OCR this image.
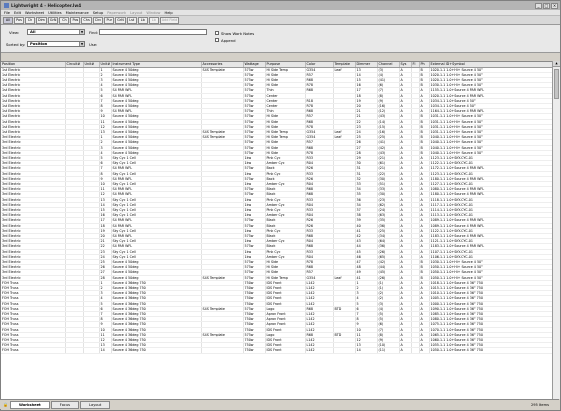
Lightwright 4 - Helicopter.lw4	_	□	×
File Edit Worksheet Utilities Maintenance Setup Paperwork Layout Window Help
All	Pos	Ch	Dim	GrN	Ch	Pos	Chs	Circ	Pur	GrN	Lst	Lb	Lb	Add Field
View:	All	▼ Find:
Sorted by:	Position	▼ Use:
Show Work Notes
Append
Position	Circuit#	Unit#	Unit#	Instrument Type	Accessories	Wattage	Purpose	Color	Template	Dimmer	Channel	Sys	Fl	Ph	External ID+Symbol
1st Electric			1	Source 4 50deg	S4S Template	575w	Hi Side Temp	G354	Leaf	13	(3)	A		B	1020.1.1 1.0+Hi+ Source 4 50°
1st Electric			2	Source 4 50deg		575w	Hi Side	R57		14	(4)	A		B	1020.1.1 1.0+Hi+ Source 4 50°
1st Electric			3	Source 4 50deg		575w	Hi Side	R68		15	(41)	A		B	1020.1.1 1.0+Hi+ Source 4 50°
1st Electric			4	Source 4 50deg		575w	Hi Side	R78		16	(6)	A		B	1030.1.1 1.0+Hi+ Source 4 50°
1st Electric			5	S4 PAR WFL		575w	Thin	R68		17	(7)	A		A	1155.1.1 1.0+Source 4 PAR WFL
1st Electric			6	S4 PAR WFL		575w	Center			18	(8)	A		A	1020.1.1 1.0+Source 4 PAR WFL
1st Electric			7	Source 4 50deg		575w	Center	R18		19	(9)	A		A	1034.1.1 1.0+Source 4 50°
1st Electric			8	Source 4 50deg		575w	Center	R78		20	(16)	A		A	1034.1.1 1.0+Source 4 50°
1st Electric			9	S4 PAR WFL		575w	Thin	R68		21	(12)	A		A	1164.1.1 1.0+Source 4 PAR WFL
1st Electric			10	Source 4 50deg		575w	Hi Side	R57		21	(43)	A		B	1031.1.1 1.0+Hi+ Source 4 50°
1st Electric			11	Source 4 50deg		575w	Hi Side	R68		22	(14)	A		B	1031.1.1 1.0+Hi+ Source 4 50°
1st Electric			12	Source 4 50deg		575w	Hi Side	R78		23	(15)	A		B	1031.1.1 1.0+Hi+ Source 4 50°
1st Electric			13	Source 4 50deg	S4S Template	575w	Hi Side Temp	G354	Leaf	24	(16)	A		B	1031.1.1 1.0+Hi+ Source 4 50°
3rd Electric			1	Source 4 50deg	S4S Template	575w	Hi Side Temp	G354	Leaf	25	(25)	A		B	1040.1.1 1.0+Hi+ Source 4 50°
3rd Electric			2	Source 4 50deg		575w	Hi Side	R57		26	(41)	A		B	1040.1.1 1.0+Hi+ Source 4 50°
3rd Electric			3	Source 4 50deg		575w	Hi Side	R68		27	(42)	A		B	1040.1.1 1.0+Hi+ Source 4 50°
3rd Electric			4	Source 4 50deg		575w	Hi Side	R78		28	(43)	A		B	1040.1.1 1.0+Hi+ Source 4 50°
3rd Electric			5	Sky Cyc 1 Cell		1kw	Pink Cyc	R33		29	(21)	A		A	1123.1.1 1.0+SKY-CYC-01
3rd Electric			6	Sky Cyc 1 Cell		1kw	Amber Cyc	R04		30	(61)	A		A	1122.1.1 1.0+SKY-CYC-01
3rd Electric			7	S4 PAR WFL		575w	Back	R26		31	(21)	A		A	1172.1.1 1.0+Source 4 PAR WFL
3rd Electric			8	Sky Cyc 1 Cell		1kw	Pink Cyc	R33		31	(22)	A		A	1123.1.1 1.0+SKY-CYC-01
3rd Electric			9	S4 PAR WFL		575w	Back	R26		32	(30)	A		A	1180.1.1 1.0+Source 4 PAR WFL
3rd Electric			10	Sky Cyc 1 Cell		1kw	Amber Cyc	R04		33	(51)	A		A	1127.1.1 1.0+SKY-CYC-01
3rd Electric			11	S4 PAR WFL		575w	Black	R68		34	(33)	A		A	1080.1.1 1.0+Source 4 PAR WFL
3rd Electric			12	S4 PAR WFL		575w	Black	R68		35	(30)	A		A	1180.1.1 1.0+Source 4 PAR WFL
3rd Electric			13	Sky Cyc 1 Cell		1kw	Pink Cyc	R33		36	(23)	A		A	1118.1.1 1.0+SKY-CYC-01
3rd Electric			14	Sky Cyc 1 Cell		1kw	Amber Cyc	R04		34	(62)	A		A	1117.1.1 1.0+SKY-CYC-01
3rd Electric			15	Sky Cyc 1 Cell		1kw	Pink Cyc	R33		37	(24)	A		A	1114.1.1 1.0+SKY-CYC-01
3rd Electric			16	Sky Cyc 1 Cell		1kw	Amber Cyc	R04		38	(63)	A		A	1113.1.1 1.0+SKY-CYC-01
3rd Electric			17	S4 PAR WFL		575w	Black	R26		39	(35)	A		A	1089.1.1 1.0+Source 4 PAR WFL
3rd Electric			18	S4 PAR WFL		575w	Black	R26		40	(36)	A		A	1089.1.1 1.0+Source 4 PAR WFL
3rd Electric			19	Sky Cyc 1 Cell		1kw	Pink Cyc	R33		41	(25)	A		A	1122.1.1 1.0+SKY-CYC-01
3rd Electric			20	S4 PAR WFL		575w	Black	R68		42	(34)	A		A	1183.1.1 1.0+Source 4 PAR WFL
3rd Electric			21	Sky Cyc 1 Cell		1kw	Amber Cyc	R04		43	(64)	A		A	1121.1.1 1.0+SKY-CYC-01
3rd Electric			22	S4 PAR WFL		575w	Black	R68		44	(36)	A		A	1183.1.1 1.0+Source 4 PAR WFL
3rd Electric			23	Sky Cyc 1 Cell		1kw	Pink Cyc	R33		45	(26)	A		A	1107.1.1 1.0+SKY-CYC-01
3rd Electric			24	Sky Cyc 1 Cell		1kw	Amber Cyc	R04		46	(65)	A		A	1106.1.1 1.0+SKY-CYC-01
3rd Electric			25	Source 4 50deg		575w	Hi Side	R78		47	(42)	A		B	1030.1.1 1.0+Hi+ Source 4 50°
3rd Electric			26	Source 4 50deg		575w	Hi Side	R68		48	(44)	A		B	1050.1.1 1.0+Hi+ Source 4 50°
3rd Electric			27	Source 4 50deg		575w	Hi Side	R57		49	(45)	A		B	1050.1.1 1.0+Hi+ Source 4 50°
3rd Electric			28	Source 4 50deg	S4S Template	575w	Hi Side Temp	G354	Leaf	41	(26)	A		B	1050.1.1 1.0+Hi+ Source 4 50°
FOH Truss			1	Source 4 36deg 750		750w	IDS Front	L142		1	(1)	A		A	1018.1.1 1.0+Source 4 36° 750
FOH Truss			2	Source 4 36deg 750		750w	IDS Front	L142		2	(1)	A		A	1015.1.1 1.0+Source 4 36° 750
FOH Truss			3	Source 4 36deg 750		750w	IDS Front	L142		3	(2)	A		A	1010.1.1 1.0+Source 4 36° 750
FOH Truss			4	Source 4 36deg 750		750w	IDS Front	L142		4	(2)	A		A	1005.1.1 1.0+Source 4 36° 750
FOH Truss			5	Source 4 36deg 750		750w	IDS Front	L142		5	(3)	A		A	1000.1.1 1.0+Source 4 36° 750
FOH Truss			6	Source 4 36deg 750	S4S Template	575w	Logo	R68	BTD	6	(4)	A		A	1090.1.1 1.0+Source 4 36° 750
FOH Truss			7	Source 4 36deg 750		750w	Apron Front	L142		7	(5)	A		A	1085.1.1 1.0+Source 4 36° 750
FOH Truss			8	Source 4 36deg 750		750w	Apron Front	L142		8	(5)	A		A	1080.1.1 1.0+Source 4 36° 750
FOH Truss			9	Source 4 36deg 750		750w	Apron Front	L142		9	(6)	A		A	1075.1.1 1.0+Source 4 36° 750
FOH Truss			10	Source 4 36deg 750		750w	IDS Front	L142		10	(7)	A		A	1070.1.1 1.0+Source 4 36° 750
FOH Truss			11	Source 4 36deg 750	S4S Template	575w	Logo	R68	BTD	11	(8)	A		A	1065.1.1 1.0+Source 4 36° 750
FOH Truss			12	Source 4 36deg 750		750w	IDS Front	L142		12	(9)	A		A	1060.1.1 1.0+Source 4 36° 750
FOH Truss			13	Source 4 36deg 750		750w	IDS Front	L142		13	(10)	A		A	1055.1.1 1.0+Source 4 36° 750
FOH Truss			14	Source 4 36deg 750		750w	IDS Front	L142		14	(11)	A		A	1050.1.1 1.0+Source 4 36° 750
▲
🔒	Worksheet	Focus	Layout	295 Items
